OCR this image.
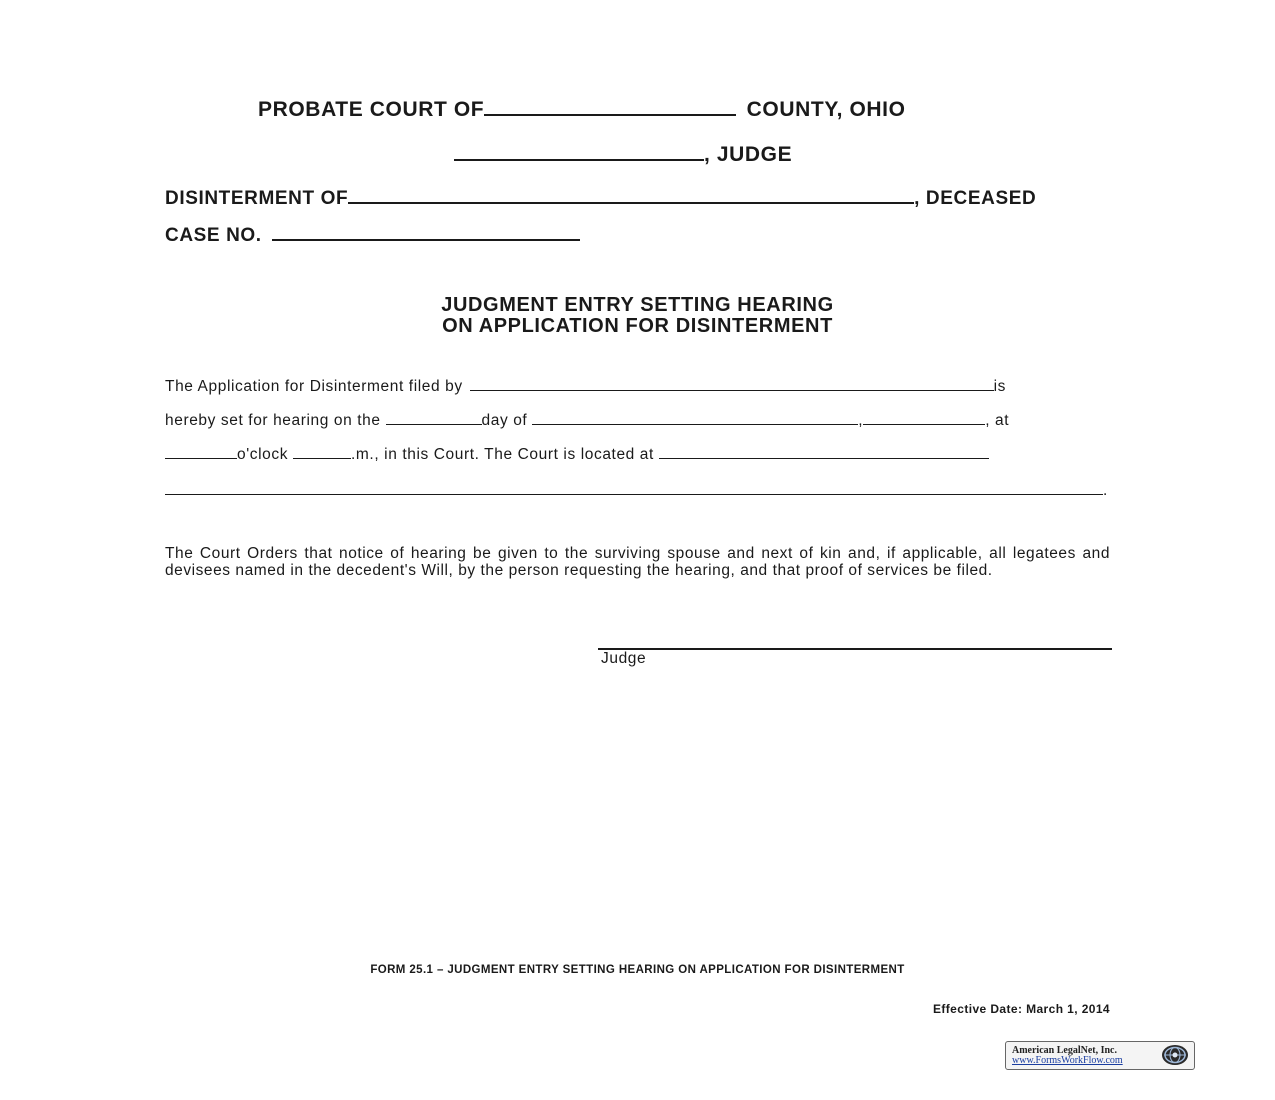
PROBATE COURT OF	COUNTY, OHIO
, JUDGE
DISINTERMENT OF	, DECEASED
CASE NO.
JUDGMENT ENTRY SETTING HEARING
ON APPLICATION FOR DISINTERMENT
The Application for Disinterment filed by	is
hereby set for hearing on the	day of	,	, at
o'clock	.m., in this Court. The Court is located at
.
The Court Orders that notice of hearing be given to the surviving spouse and next of kin and, if applicable, all legatees and devisees named in the decedent's Will, by the person requesting the hearing, and that proof of services be filed.
Judge
FORM 25.1 – JUDGMENT ENTRY SETTING HEARING ON APPLICATION FOR DISINTERMENT
Effective Date: March 1, 2014
American LegalNet, Inc.
www.FormsWorkFlow.com
